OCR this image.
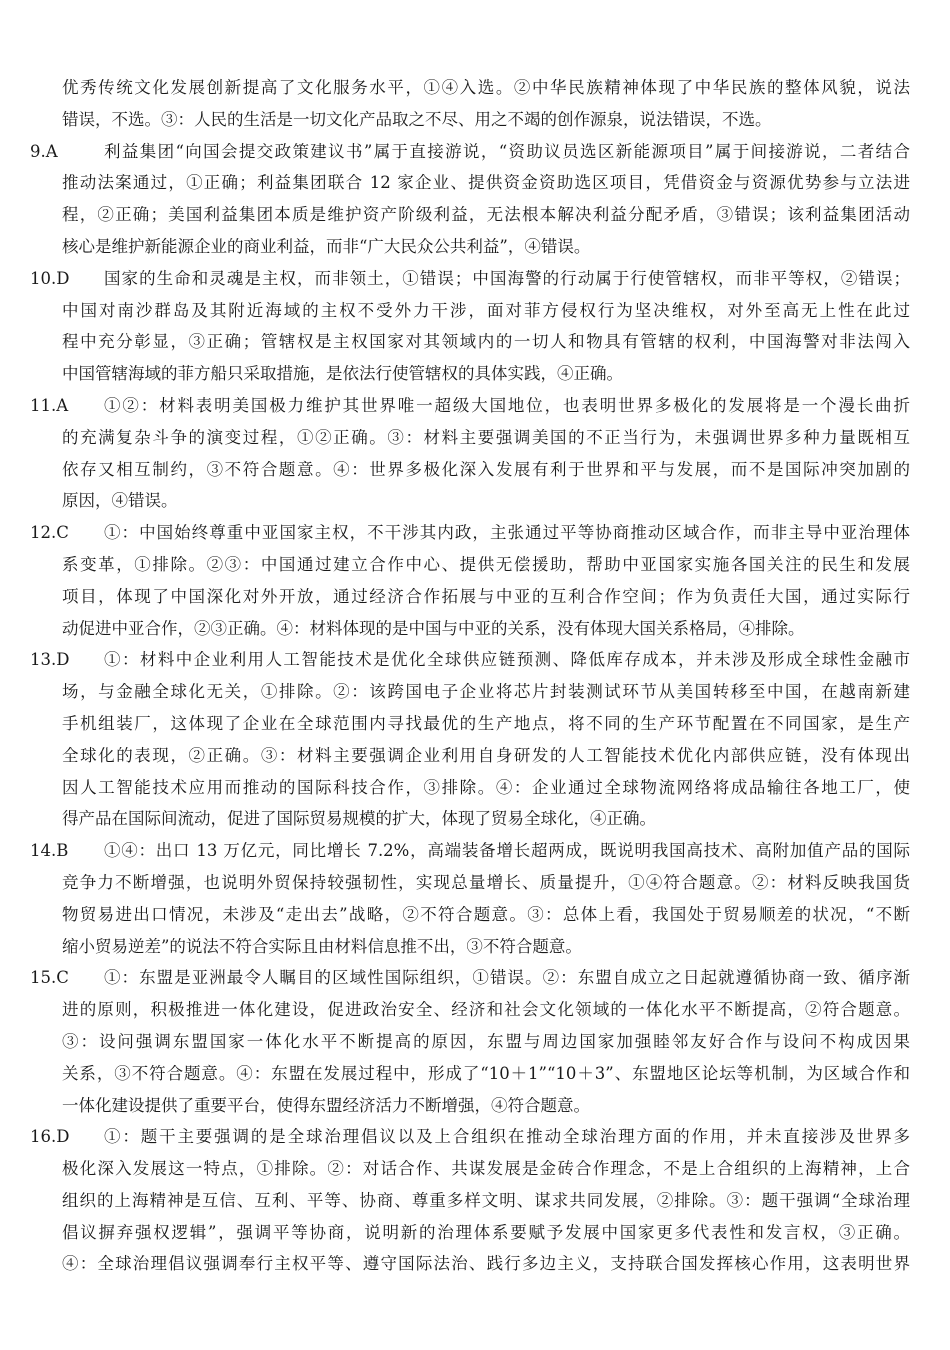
优秀传统文化发展创新提高了文化服务水平，①④入选。②中华民族精神体现了中华民族的整体风貌，说法
错误，不选。③：人民的生活是一切文化产品取之不尽、用之不竭的创作源泉，说法错误，不选。
9.A	利益集团“向国会提交政策建议书”属于直接游说，“资助议员选区新能源项目”属于间接游说，二者结合
推动法案通过，①正确；利益集团联合 12 家企业、提供资金资助选区项目，凭借资金与资源优势参与立法进
程，②正确；美国利益集团本质是维护资产阶级利益，无法根本解决利益分配矛盾，③错误；该利益集团活动
核心是维护新能源企业的商业利益，而非“广大民众公共利益”，④错误。
10.D 国家的生命和灵魂是主权，而非领土，①错误；中国海警的行动属于行使管辖权，而非平等权，②错误；
中国对南沙群岛及其附近海域的主权不受外力干涉，面对菲方侵权行为坚决维权，对外至高无上性在此过
程中充分彰显，③正确；管辖权是主权国家对其领域内的一切人和物具有管辖的权利，中国海警对非法闯入
中国管辖海域的菲方船只采取措施，是依法行使管辖权的具体实践，④正确。
11.A ①②：材料表明美国极力维护其世界唯一超级大国地位，也表明世界多极化的发展将是一个漫长曲折
的充满复杂斗争的演变过程，①②正确。③：材料主要强调美国的不正当行为，未强调世界多种力量既相互
依存又相互制约，③不符合题意。④：世界多极化深入发展有利于世界和平与发展，而不是国际冲突加剧的
原因，④错误。
12.C ①：中国始终尊重中亚国家主权，不干涉其内政，主张通过平等协商推动区域合作，而非主导中亚治理体
系变革，①排除。②③：中国通过建立合作中心、提供无偿援助，帮助中亚国家实施各国关注的民生和发展
项目，体现了中国深化对外开放，通过经济合作拓展与中亚的互利合作空间；作为负责任大国，通过实际行
动促进中亚合作，②③正确。④：材料体现的是中国与中亚的关系，没有体现大国关系格局，④排除。
13.D ①：材料中企业利用人工智能技术是优化全球供应链预测、降低库存成本，并未涉及形成全球性金融市
场，与金融全球化无关，①排除。②：该跨国电子企业将芯片封装测试环节从美国转移至中国，在越南新建
手机组装厂，这体现了企业在全球范围内寻找最优的生产地点，将不同的生产环节配置在不同国家，是生产
全球化的表现，②正确。③：材料主要强调企业利用自身研发的人工智能技术优化内部供应链，没有体现出
因人工智能技术应用而推动的国际科技合作，③排除。④：企业通过全球物流网络将成品输往各地工厂，使
得产品在国际间流动，促进了国际贸易规模的扩大，体现了贸易全球化，④正确。
14.B ①④：出口 13 万亿元，同比增长 7.2%，高端装备增长超两成，既说明我国高技术、高附加值产品的国际
竞争力不断增强，也说明外贸保持较强韧性，实现总量增长、质量提升，①④符合题意。②：材料反映我国货
物贸易进出口情况，未涉及“走出去”战略，②不符合题意。③：总体上看，我国处于贸易顺差的状况，“不断
缩小贸易逆差”的说法不符合实际且由材料信息推不出，③不符合题意。
15.C ①：东盟是亚洲最令人瞩目的区域性国际组织，①错误。②：东盟自成立之日起就遵循协商一致、循序渐
进的原则，积极推进一体化建设，促进政治安全、经济和社会文化领域的一体化水平不断提高，②符合题意。
③：设问强调东盟国家一体化水平不断提高的原因，东盟与周边国家加强睦邻友好合作与设问不构成因果
关系，③不符合题意。④：东盟在发展过程中，形成了“10＋1”“10＋3”、东盟地区论坛等机制，为区域合作和
一体化建设提供了重要平台，使得东盟经济活力不断增强，④符合题意。
16.D ①：题干主要强调的是全球治理倡议以及上合组织在推动全球治理方面的作用，并未直接涉及世界多
极化深入发展这一特点，①排除。②：对话合作、共谋发展是金砖合作理念，不是上合组织的上海精神，上合
组织的上海精神是互信、互利、平等、协商、尊重多样文明、谋求共同发展，②排除。③：题干强调“全球治理
倡议摒弃强权逻辑”，强调平等协商，说明新的治理体系要赋予发展中国家更多代表性和发言权，③正确。
④：全球治理倡议强调奉行主权平等、遵守国际法治、践行多边主义，支持联合国发挥核心作用，这表明世界
